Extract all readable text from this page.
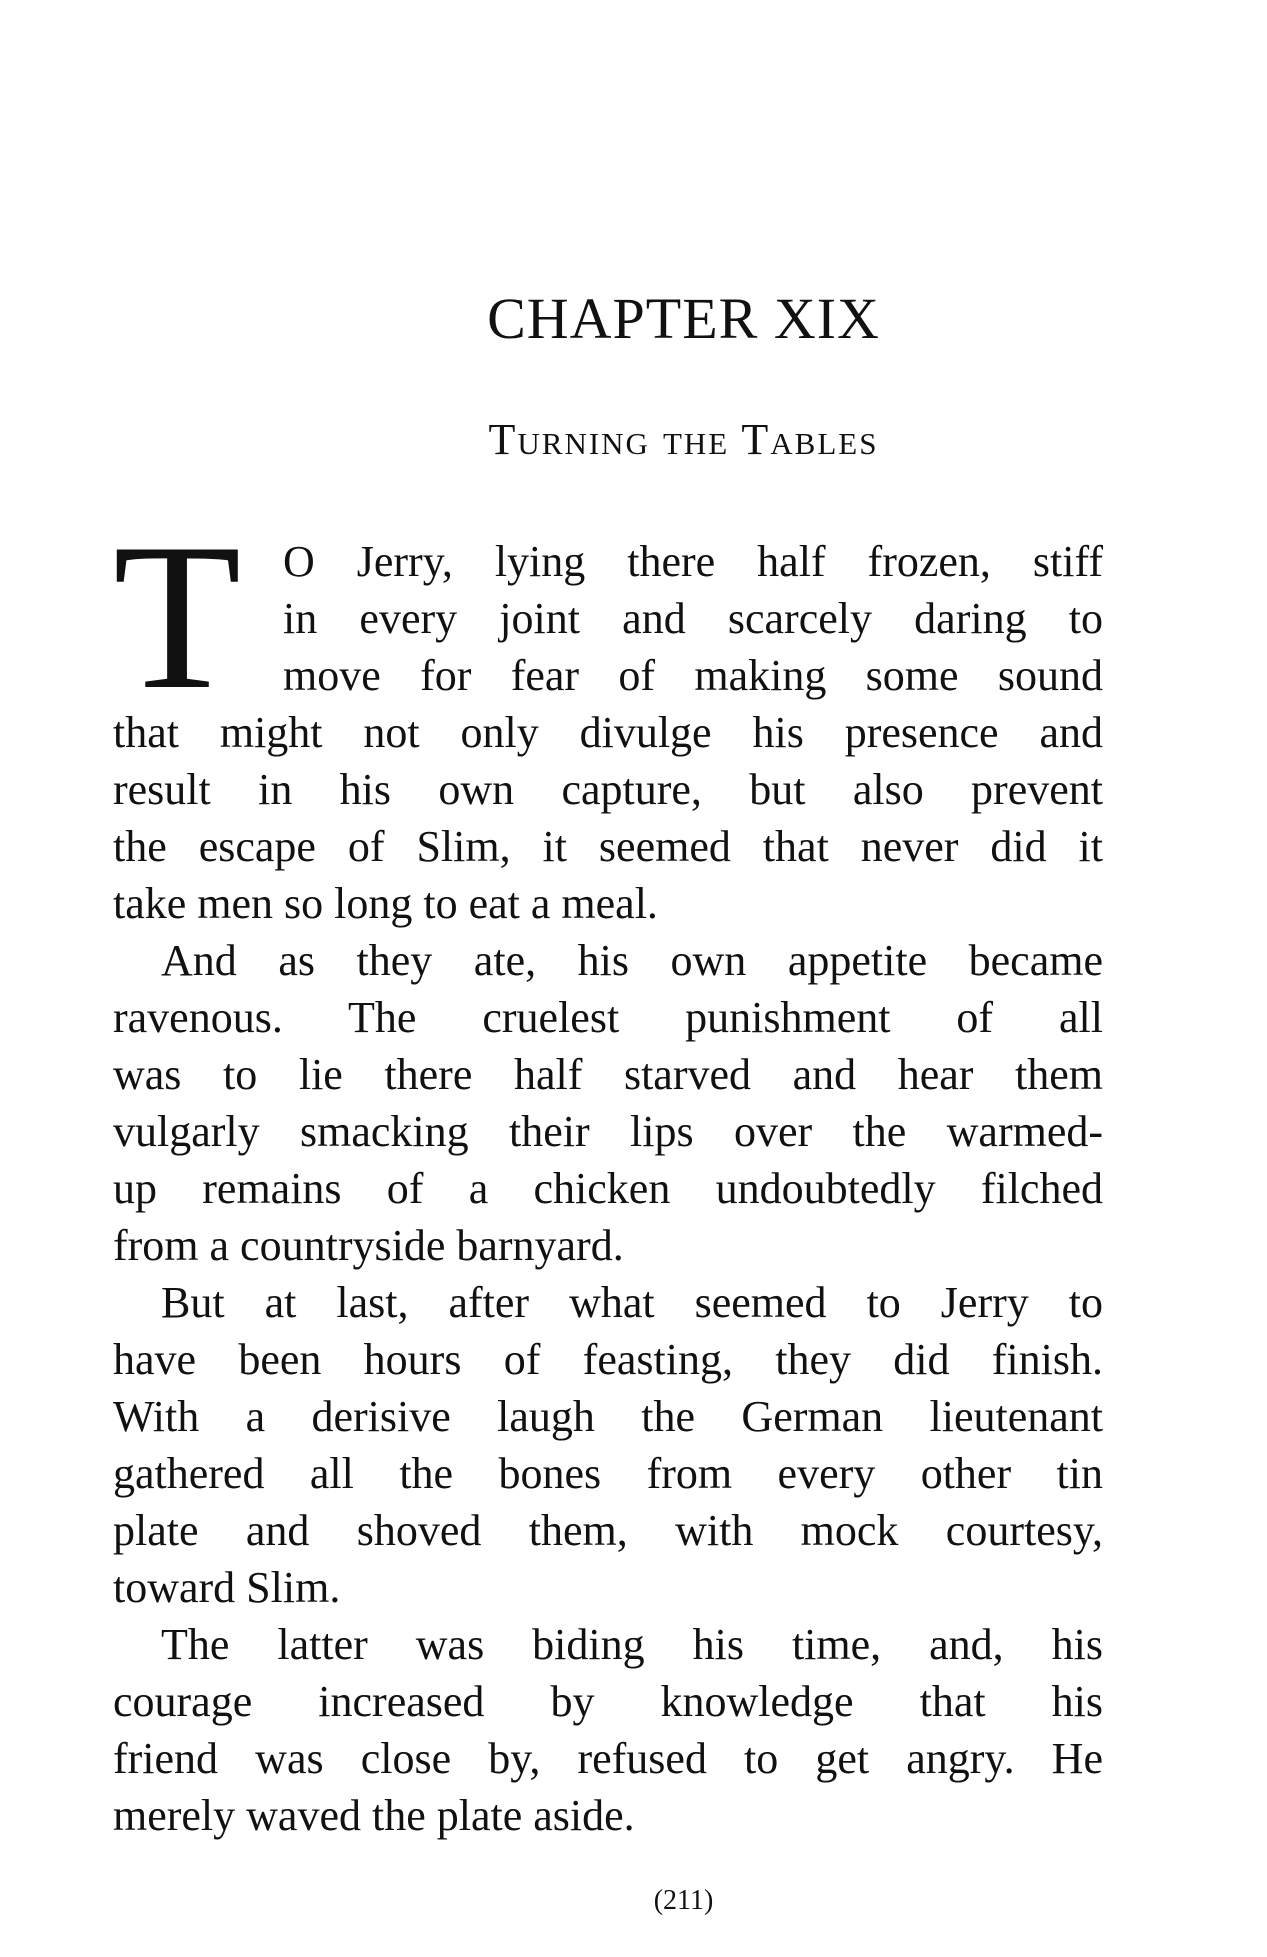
CHAPTER XIX
Turning the Tables
T O Jerry, lying there half frozen, stiff
in every joint and scarcely daring to
move for fear of making some sound
that might not only divulge his presence and
result in his own capture, but also prevent
the escape of Slim, it seemed that never did it
take men so long to eat a meal.
And as they ate, his own appetite became
ravenous. The cruelest punishment of all
was to lie there half starved and hear them
vulgarly smacking their lips over the warmed-
up remains of a chicken undoubtedly filched
from a countryside barnyard.
But at last, after what seemed to Jerry to
have been hours of feasting, they did finish.
With a derisive laugh the German lieutenant
gathered all the bones from every other tin
plate and shoved them, with mock courtesy,
toward Slim.
The latter was biding his time, and, his
courage increased by knowledge that his
friend was close by, refused to get angry. He
merely waved the plate aside.
(211)
